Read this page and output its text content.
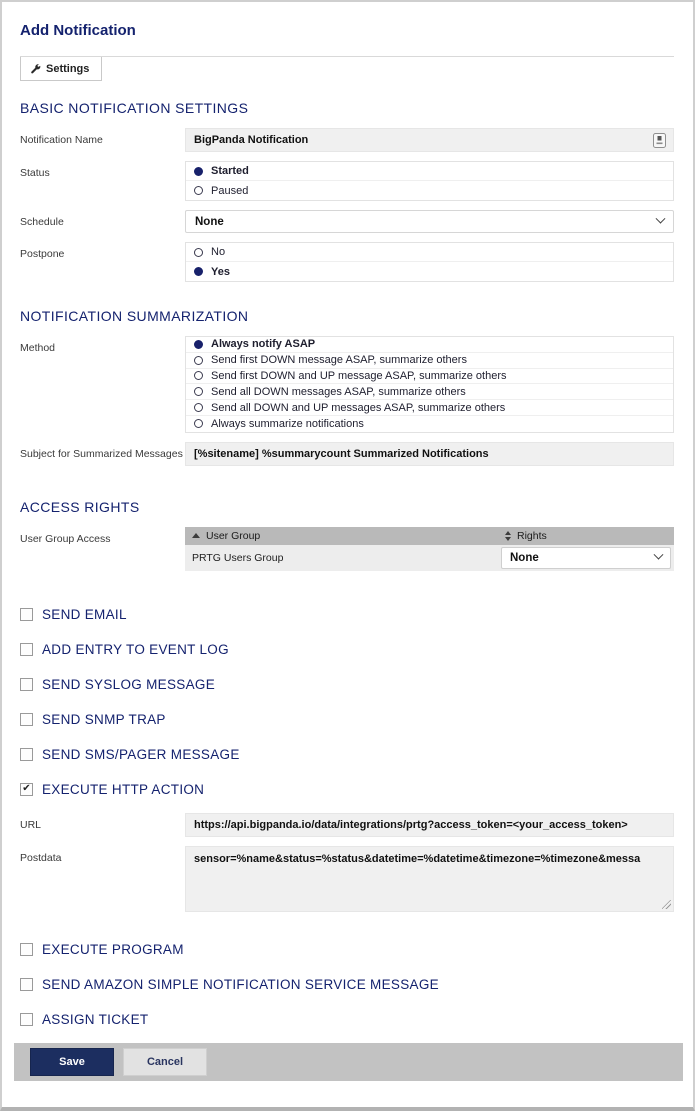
Add Notification
Settings
BASIC NOTIFICATION SETTINGS
Notification Name	BigPanda Notification
Status	Started
Paused
Schedule	None
Postpone	No
Yes
NOTIFICATION SUMMARIZATION
Method	Always notify ASAP
Send first DOWN message ASAP, summarize others
Send first DOWN and UP message ASAP, summarize others
Send all DOWN messages ASAP, summarize others
Send all DOWN and UP messages ASAP, summarize others
Always summarize notifications
Subject for Summarized Messages [%sitename] %summarycount Summarized Notifications
ACCESS RIGHTS
User Group Access	User Group	Rights

PRTG Users Group	None
SEND EMAIL
ADD ENTRY TO EVENT LOG
SEND SYSLOG MESSAGE
SEND SNMP TRAP
SEND SMS/PAGER MESSAGE
✔
EXECUTE HTTP ACTION
URL	https://api.bigpanda.io/data/integrations/prtg?access_token=<your_access_token>
Postdata	sensor=%name&status=%status&datetime=%datetime&timezone=%timezone&messa
EXECUTE PROGRAM
SEND AMAZON SIMPLE NOTIFICATION SERVICE MESSAGE
ASSIGN TICKET
Save	Cancel
